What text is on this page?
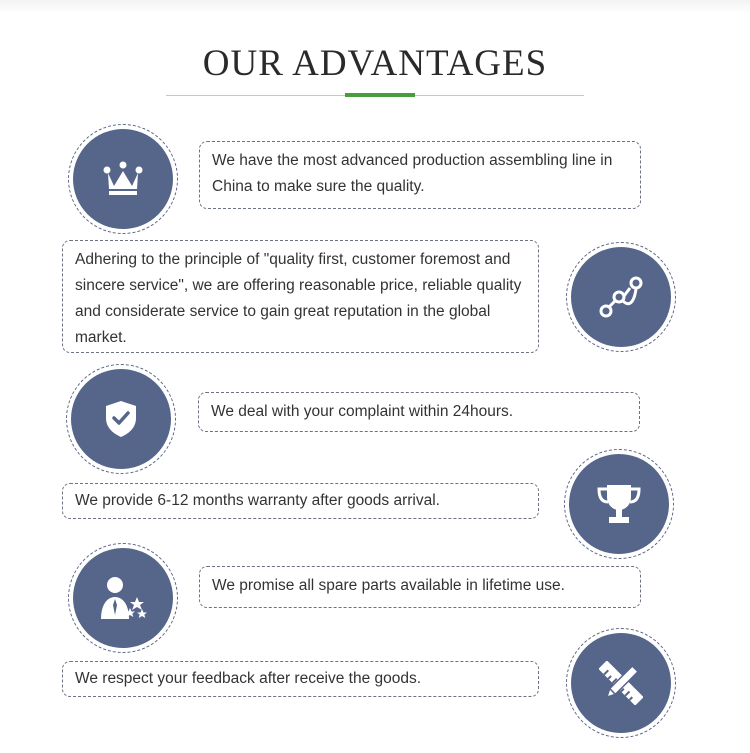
OUR ADVANTAGES
We have the most advanced production assembling line in China to make sure the quality.
Adhering to the principle of "quality first, customer foremost and sincere service", we are offering reasonable price, reliable quality and considerate service to gain great reputation in the global market.
We deal with your complaint within 24hours.
We provide 6-12 months warranty after goods arrival.
We promise all spare parts available in lifetime use.
We respect your feedback after receive the goods.
